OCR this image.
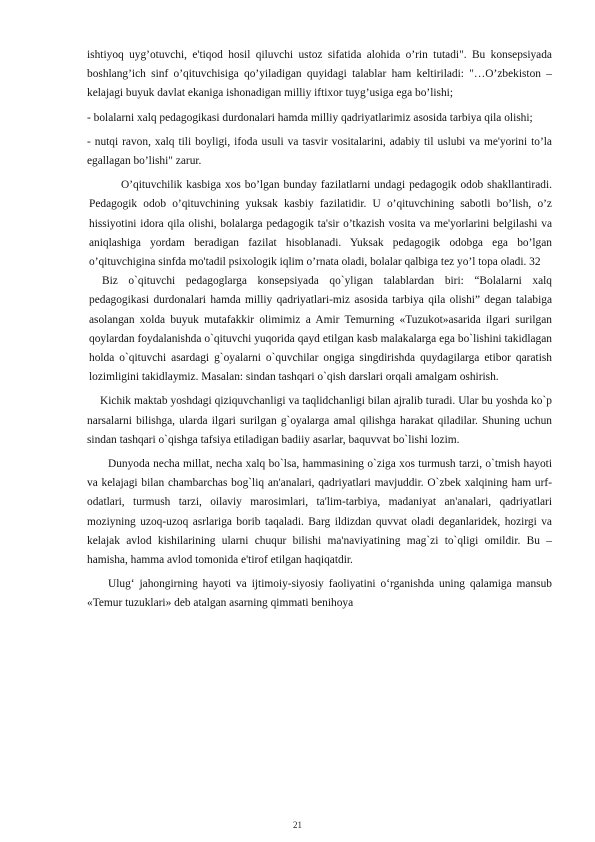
ishtiyoq uyg’otuvchi, e'tiqod hosil qiluvchi ustoz sifatida alohida o’rin tutadi". Bu konsepsiyada boshlang’ich sinf o’qituvchisiga qo’yiladigan quyidagi talablar ham keltiriladi: "…O’zbekiston – kelajagi buyuk davlat ekaniga ishonadigan milliy iftixor tuyg’usiga ega bo’lishi;

- bolalarni xalq pedagogikasi durdonalari hamda milliy qadriyatlarimiz asosida tarbiya qila olishi;

- nutqi ravon, xalq tili boyligi, ifoda usuli va tasvir vositalarini, adabiy til uslubi va me'yorini to’la egallagan bo’lishi" zarur.

O’qituvchilik kasbiga xos bo’lgan bunday fazilatlarni undagi pedagogik odob shakllantiradi. Pedagogik odob o’qituvchining yuksak kasbiy fazilatidir. U o’qituvchining sabotli bo’lish, o’z hissiyotini idora qila olishi, bolalarga pedagogik ta'sir o’tkazish vosita va me'yorlarini belgilashi va aniqlashiga yordam beradigan fazilat hisoblanadi. Yuksak pedagogik odobga ega bo’lgan o’qituvchigina sinfda mo'tadil psixologik iqlim o’rnata oladi, bolalar qalbiga tez yo’l topa oladi. 32

Biz o`qituvchi pedagoglarga konsepsiyada qo`yligan talablardan biri: “Bolalarni xalq pedagogikasi durdonalari hamda milliy qadriyatlari-miz asosida tarbiya qila olishi” degan talabiga asolangan xolda buyuk mutafakkir olimimiz a Amir Temurning «Tuzukot»asarida ilgari surilgan qoylardan foydalanishda o`qituvchi yuqorida qayd etilgan kasb malakalarga ega bo`lishini takidlagan holda o`qituvchi asardagi g`oyalarni o`quvchilar ongiga singdirishda quydagilarga etibor qaratish lozimligini takidlaymiz. Masalan: sindan tashqari o`qish darslari orqali amalgam oshirish.

Kichik maktab yoshdagi qiziquvchanligi va taqlidchanligi bilan ajralib turadi. Ular bu yoshda ko`p narsalarni bilishga, ularda ilgari surilgan g`oyalarga amal qilishga harakat qiladilar. Shuning uchun sindan tashqari o`qishga tafsiya etiladigan badiiy asarlar, baquvvat bo`lishi lozim.

Dunyoda necha millat, necha xalq bo`lsa, hammasining o`ziga xos turmush tarzi, o`tmish hayoti va kelajagi bilan chambarchas bog`liq an'analari, qadriyatlari mavjuddir. O`zbek xalqining ham urf-odatlari, turmush tarzi, oilaviy marosimlari, ta'lim-tarbiya, madaniyat an'analari, qadriyatlari moziyning uzoq-uzoq asrlariga borib taqaladi. Barg ildizdan quvvat oladi deganlaridek, hozirgi va kelajak avlod kishilarining ularni chuqur bilishi ma'naviyatining mag`zi to`qligi omildir. Bu – hamisha, hamma avlod tomonida e'tirof etilgan haqiqatdir.

Ulug‘ jahongirning hayoti va ijtimoiy-siyosiy faoliyatini o‘rganishda uning qalamiga mansub «Temur tuzuklari» deb atalgan asarning qimmati benihoya

21
